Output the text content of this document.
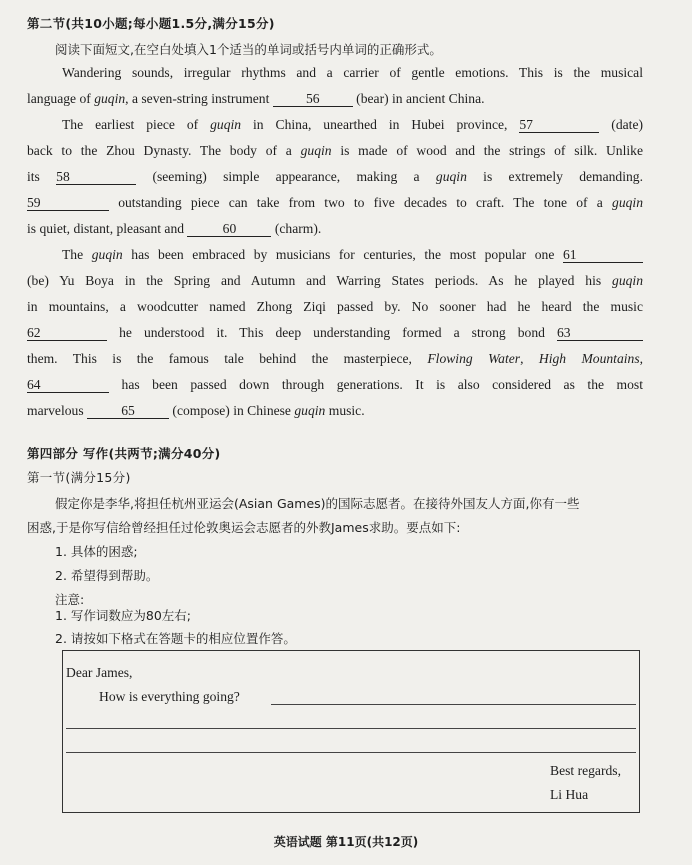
第二节(共10小题;每小题1.5分,满分15分)
阅读下面短文,在空白处填入1个适当的单词或括号内单词的正确形式。
Wandering sounds, irregular rhythms and a carrier of gentle emotions. This is the musical
language of guqin, a seven-string instrument 56 (bear) in ancient China.
The earliest piece of guqin in China, unearthed in Hubei province, 57	(date)
back to the Zhou Dynasty. The body of a guqin is made of wood and the strings of silk. Unlike
its 58	(seeming) simple appearance, making a guqin is extremely demanding.
59	outstanding piece can take from two to five decades to craft. The tone of a guqin
is quiet, distant, pleasant and	60	(charm).
The guqin has been embraced by musicians for centuries, the most popular one 61
(be) Yu Boya in the Spring and Autumn and Warring States periods. As he played his guqin
in mountains, a woodcutter named Zhong Ziqi passed by. No sooner had he heard the music
62	he understood it. This deep understanding formed a strong bond 63
them. This is the famous tale behind the masterpiece, Flowing Water, High Mountains,
64	has been passed down through generations. It is also considered as the most
marvelous	65	(compose) in Chinese guqin music.
第四部分 写作(共两节;满分40分)
第一节(满分15分)
假定你是李华,将担任杭州亚运会(Asian Games)的国际志愿者。在接待外国友人方面,你有一些
困惑,于是你写信给曾经担任过伦敦奥运会志愿者的外教James求助。要点如下:
1. 具体的困惑;
2. 希望得到帮助。
注意:
1. 写作词数应为80左右;
2. 请按如下格式在答题卡的相应位置作答。
Dear James,
How is everything going?
Best regards,
Li Hua
英语试题 第11页(共12页)
